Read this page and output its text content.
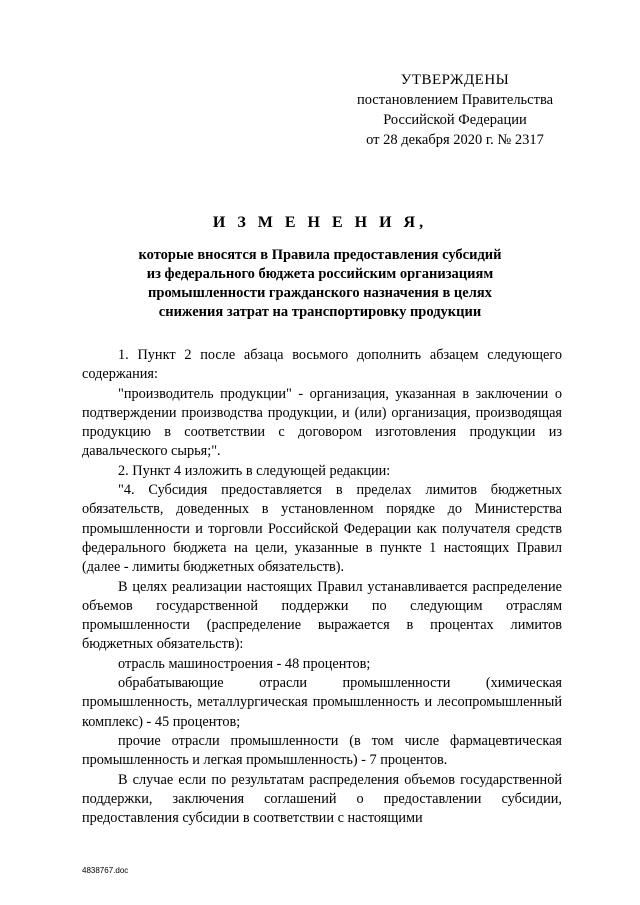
УТВЕРЖДЕНЫ
постановлением Правительства
Российской Федерации
от 28 декабря 2020 г. № 2317
И З М Е Н Е Н И Я,
которые вносятся в Правила предоставления субсидий
из федерального бюджета российским организациям
промышленности гражданского назначения в целях
снижения затрат на транспортировку продукции

1. Пункт 2 после абзаца восьмого дополнить абзацем следующего содержания:

"производитель продукции" - организация, указанная в заключении о подтверждении производства продукции, и (или) организация, производящая продукцию в соответствии с договором изготовления продукции из давальческого сырья;".

2. Пункт 4 изложить в следующей редакции:

"4. Субсидия предоставляется в пределах лимитов бюджетных обязательств, доведенных в установленном порядке до Министерства промышленности и торговли Российской Федерации как получателя средств федерального бюджета на цели, указанные в пункте 1 настоящих Правил (далее - лимиты бюджетных обязательств).

В целях реализации настоящих Правил устанавливается распределение объемов государственной поддержки по следующим отраслям промышленности (распределение выражается в процентах лимитов бюджетных обязательств):

отрасль машиностроения - 48 процентов;

обрабатывающие отрасли промышленности (химическая промышленность, металлургическая промышленность и лесопромышленный комплекс) - 45 процентов;

прочие отрасли промышленности (в том числе фармацевтическая промышленность и легкая промышленность) - 7 процентов.

В случае если по результатам распределения объемов государственной поддержки, заключения соглашений о предоставлении субсидии, предоставления субсидии в соответствии с настоящими

4838767.doc
